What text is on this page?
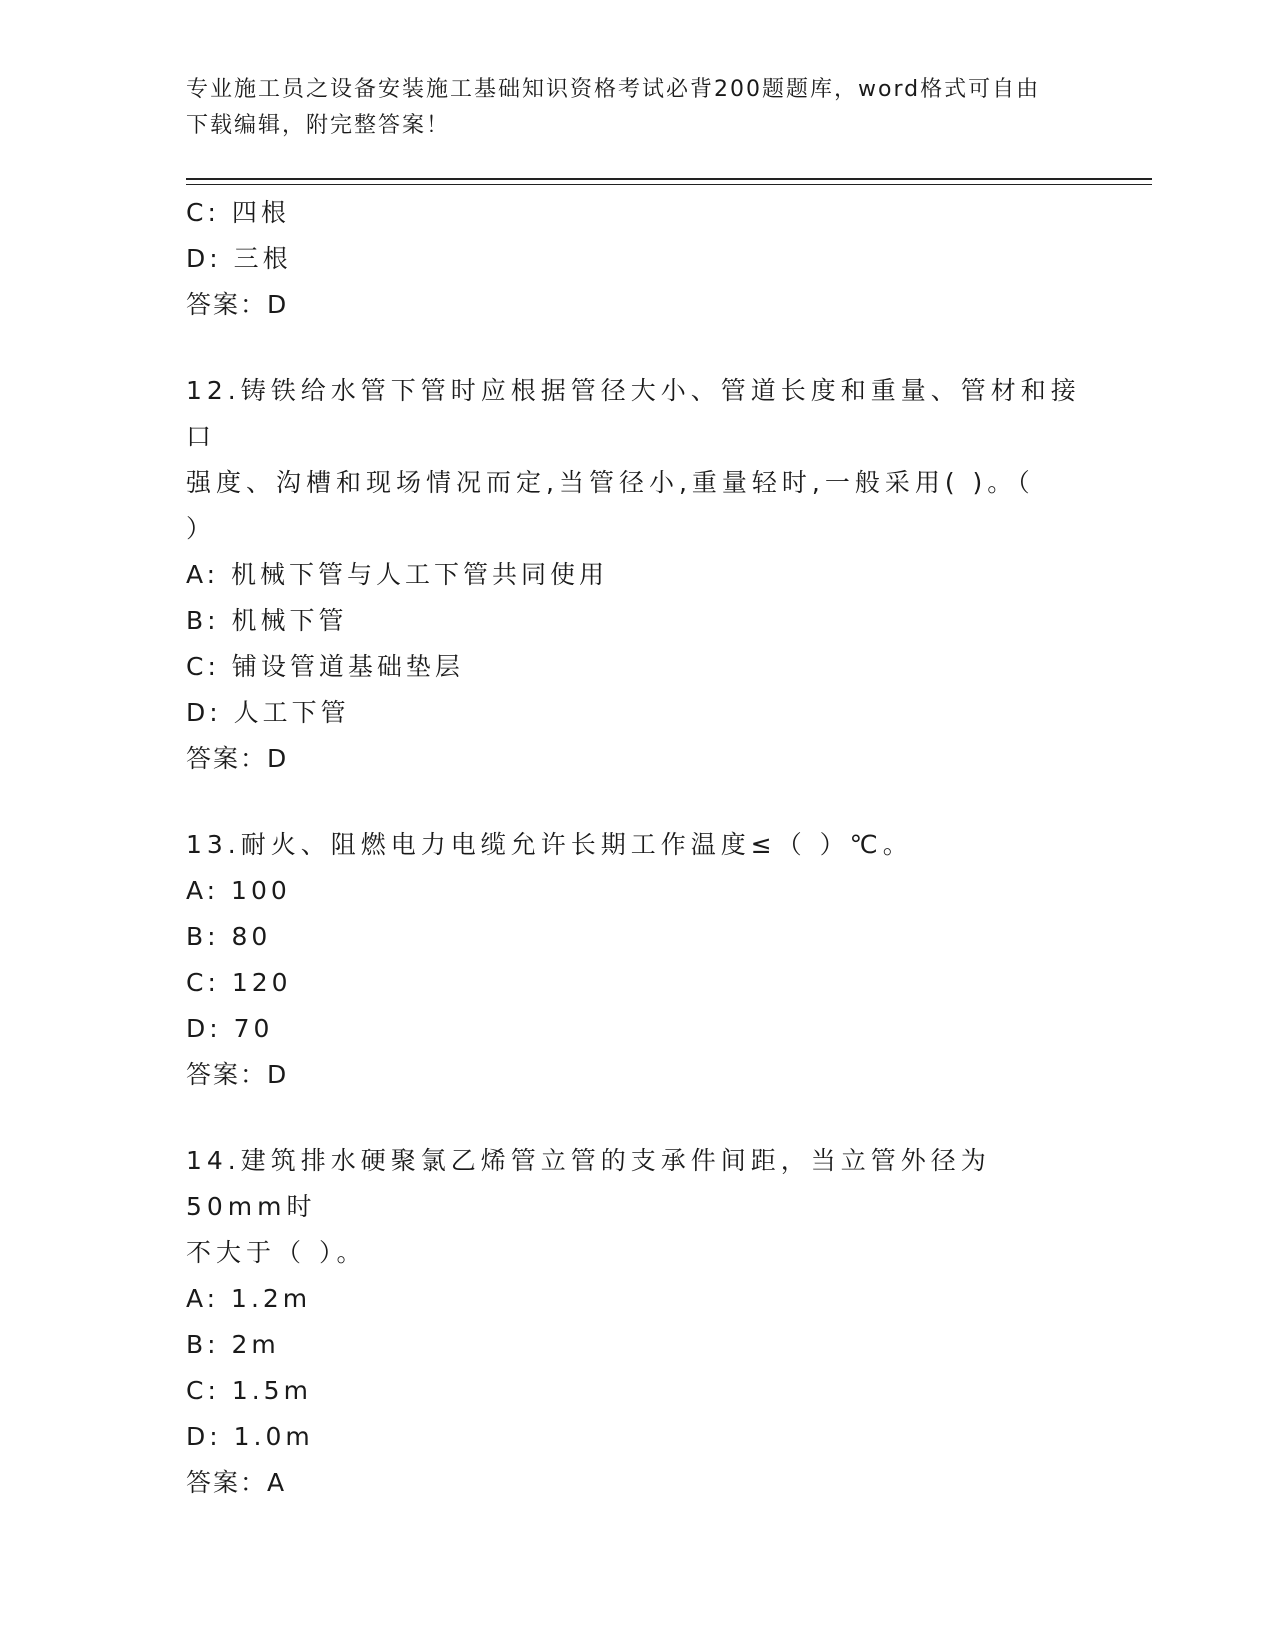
专业施工员之设备安装施工基础知识资格考试必背200题题库，word格式可自由
下载编辑，附完整答案！

C: 四根

D: 三根

答案：D

12.铸铁给水管下管时应根据管径大小、管道长度和重量、管材和接口

强度、沟槽和现场情况而定,当管径小,重量轻时,一般采用( )。（

）

A: 机械下管与人工下管共同使用

B: 机械下管

C: 铺设管道基础垫层

D: 人工下管

答案：D

13.耐火、阻燃电力电缆允许长期工作温度≤（ ）℃。

A: 100

B: 80

C: 120

D: 70

答案：D

14.建筑排水硬聚氯乙烯管立管的支承件间距，当立管外径为50mm时

不大于（ ）。

A: 1.2m

B: 2m

C: 1.5m

D: 1.0m

答案：A
